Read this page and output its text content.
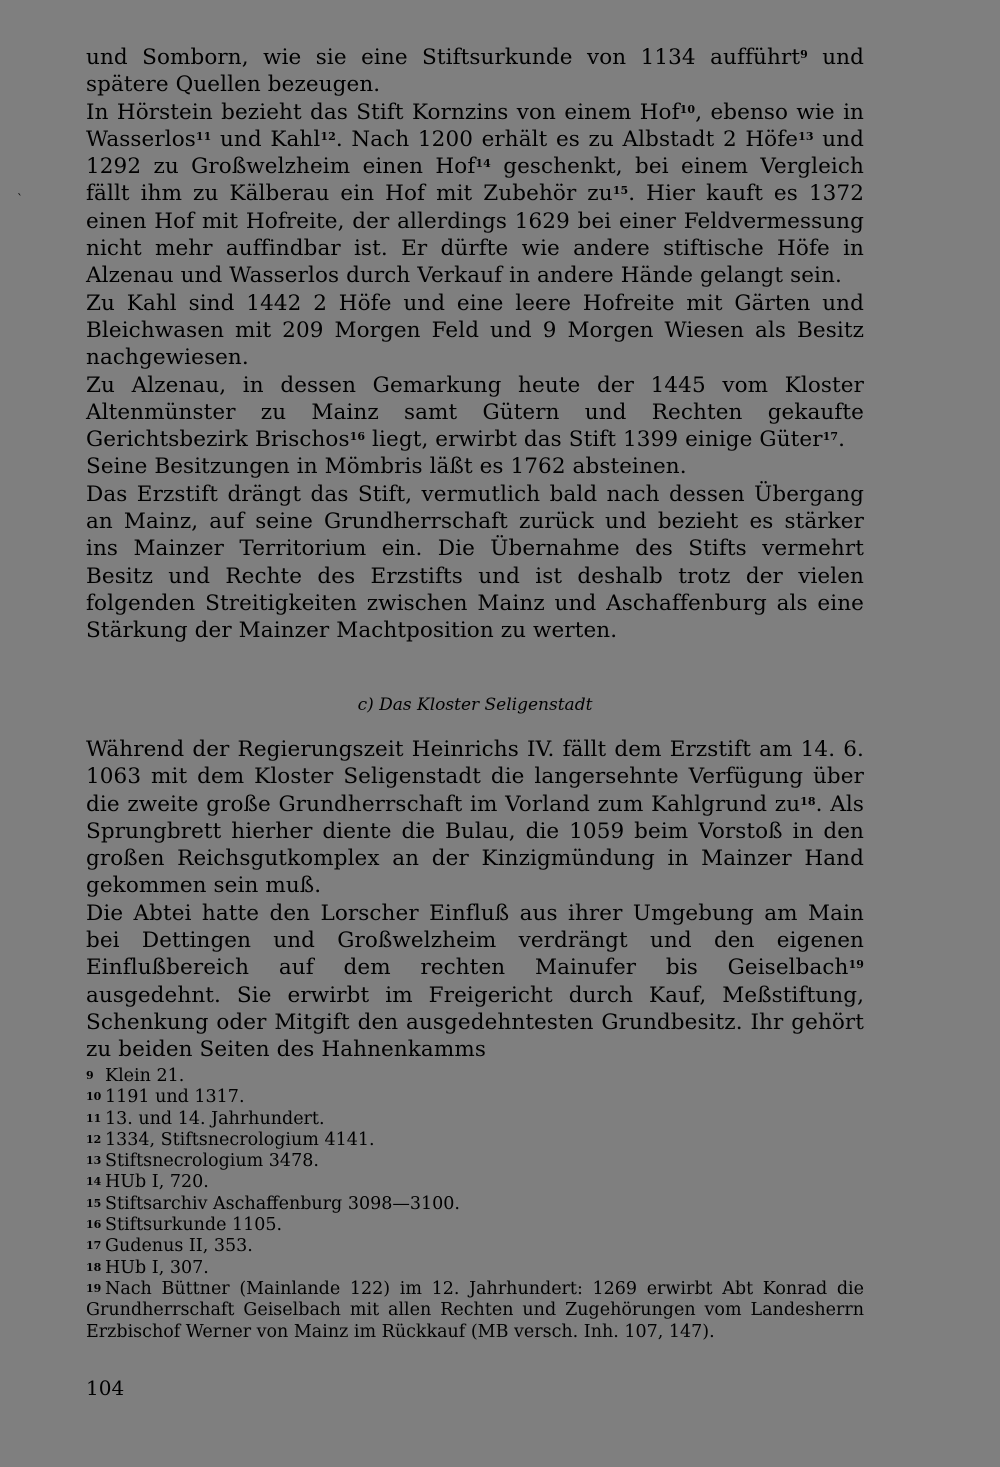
`

und Somborn, wie sie eine Stiftsurkunde von 1134 aufführt$^9$ und spätere Quellen bezeugen.

In Hörstein bezieht das Stift Kornzins von einem Hof$^{10}$, ebenso wie in Wasserlos$^{11}$ und Kahl$^{12}$. Nach 1200 erhält es zu Albstadt 2 Höfe$^{13}$ und 1292 zu Großwelzheim einen Hof$^{14}$ geschenkt, bei einem Vergleich fällt ihm zu Kälberau ein Hof mit Zubehör $zu^{15}$. Hier kauft es 1372 einen Hof mit Hofreite, der allerdings 1629 bei einer Feldvermessung nicht mehr auffindbar ist. Er dürfte wie andere stiftische Höfe in Alzenau und Wasserlos durch Verkauf in andere Hände gelangt sein.

Zu Kahl sind 1442 2 Höfe und eine leere Hofreite mit Gärten und Bleichwasen mit 209 Morgen Feld und 9 Morgen Wiesen als Besitz nachgewiesen.

Zu Alzenau, in dessen Gemarkung heute der 1445 vom Kloster Altenmünster zu Mainz samt Gütern und Rechten gekaufte Gerichtsbezirk Brischos$^{16}$ liegt, erwirbt das Stift 1399 einige Güter$^{17}$.

Seine Besitzungen in Mömbris läßt es 1762 absteinen.

Das Erzstift drängt das Stift, vermutlich bald nach dessen Übergang an Mainz, auf seine Grundherrschaft zurück und bezieht es stärker ins Mainzer Territorium ein. Die Übernahme des Stifts vermehrt Besitz und Rechte des Erzstifts und ist deshalb trotz der vielen folgenden Streitigkeiten zwischen Mainz und Aschaffenburg als eine Stärkung der Mainzer Machtposition zu werten.

c) Das Kloster Seligenstadt

Während der Regierungszeit Heinrichs IV. fällt dem Erzstift am 14. 6. 1063 mit dem Kloster Seligenstadt die langersehnte Verfügung über die zweite große Grundherrschaft im Vorland zum Kahlgrund $zu^{18}$. Als Sprungbrett hierher diente die Bulau, die 1059 beim Vorstoß in den großen Reichsgutkomplex an der Kinzigmündung in Mainzer Hand gekommen sein muß.

Die Abtei hatte den Lorscher Einfluß aus ihrer Umgebung am Main bei Dettingen und Großwelzheim verdrängt und den eigenen Einflußbereich auf dem rechten Mainufer bis Geiselbach$^{19}$ ausgedehnt. Sie erwirbt im Freigericht durch Kauf, Meßstiftung, Schenkung oder Mitgift den ausgedehntesten Grundbesitz. Ihr gehört zu beiden Seiten des Hahnenkamms

$^9$ Klein 21.

$^{10}$ 1191 und 1317.

$^{11}$ 13. und 14. Jahrhundert.

$^{12}$ 1334, Stiftsnecrologium 4141.

$^{13}$ Stiftsnecrologium 3478.

$^{14}$ HUb I, 720.

$^{15}$ Stiftsarchiv Aschaffenburg 3098—3100.

$^{16}$ Stiftsurkunde 1105.

$^{17}$ Gudenus II, 353.

$^{18}$ HUb I, 307.

$^{19}$ Nach Büttner (Mainlande 122) im 12. Jahrhundert: 1269 erwirbt Abt Konrad die Grundherrschaft Geiselbach mit allen Rechten und Zugehörungen vom Landesherrn Erzbischof Werner von Mainz im Rückkauf (MB versch. Inh. 107, 147).

104
